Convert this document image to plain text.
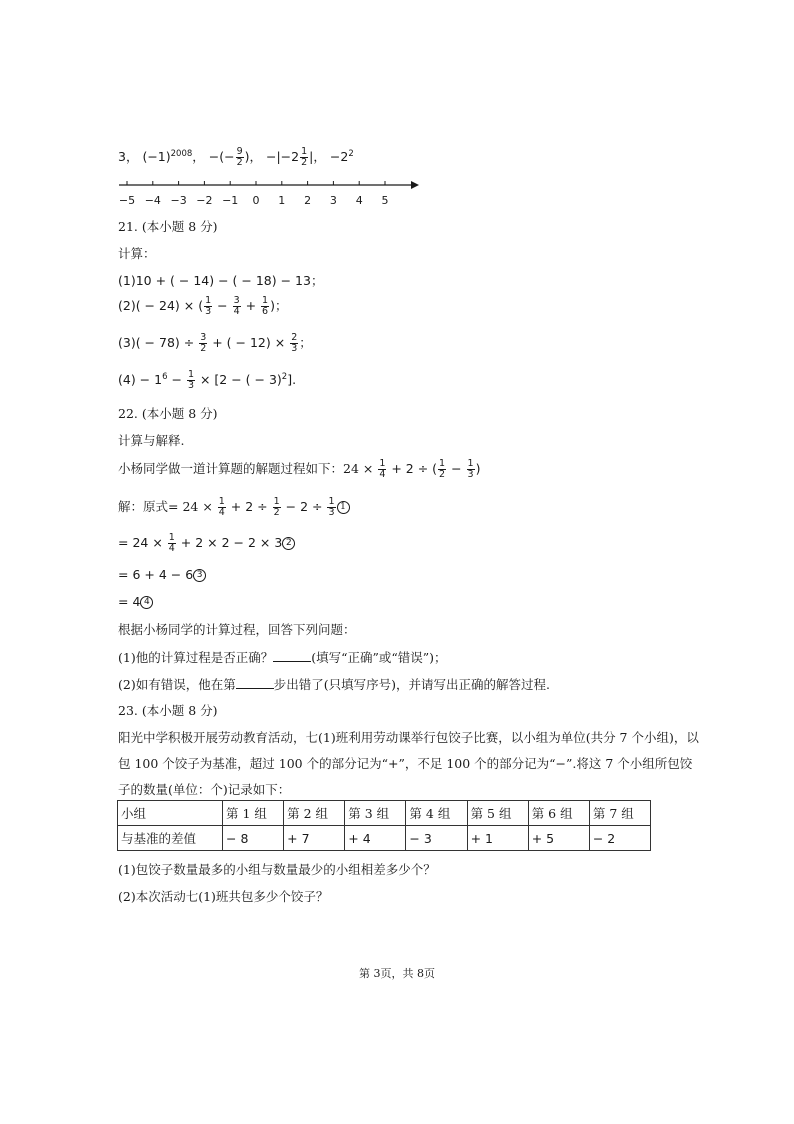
3， $(-1)^{2008}$， −(− $\frac{9}{2}$ )， $-|-2 \frac{1}{2}$ |， $-2^2$
−5 −4 −3 −2 −1 0 1 2 3 4 5
21. (本小题 8 分)
计算：
(1)10 + ( − 14) − ( − 18) − 13；
(2)( − 24) × ( $\frac{1}{3} - \frac{3}{4} + \frac{1}{6}$ )；
$(3)( - 78) \div \frac{3}{2}$ + ( − $12) \times \frac{2}{3}$ ；
$(4) - 1^6 - \frac{1}{3} \times [2$ − ( − 3)$^2$].
22. (本小题 8 分)
计算与解释.
小杨同学做一道计算题的解题过程如下：$24 \times \frac{1}{4} + 2$ ÷ ( $\frac{1}{2} - \frac{1}{3}$ )
解：原式= $24 \times \frac{1}{4} + 2 \div \frac{1}{2} - 2 \div \frac{1}{3} 1$
= $24 \times \frac{1}{4} + 2 \times 2 - 2 \times 3$ 2
= 6 + 4 − 6 3
= 4 4
根据小杨同学的计算过程，回答下列问题：
(1)他的计算过程是否正确？	(填写“正确”或“错误”)；
(2)如有错误，他在第	步出错了(只填写序号)，并请写出正确的解答过程.
23. (本小题 8 分)
阳光中学积极开展劳动教育活动，七(1)班利用劳动课举行包饺子比赛，以小组为单位(共分 7 个小组)，以
包 100 个饺子为基准，超过 100 个的部分记为“+”，不足 100 个的部分记为“−”.将这 7 个小组所包饺
子的数量(单位：个)记录如下：
小组	第 1 组	第 2 组	第 3 组	第 4 组	第 5 组	第 6 组	第 7 组
与基准的差值	− 8	+ 7	+ 4	− 3	+ 1	+ 5	− 2
(1)包饺子数量最多的小组与数量最少的小组相差多少个？
(2)本次活动七(1)班共包多少个饺子？
第 3页，共 8页
